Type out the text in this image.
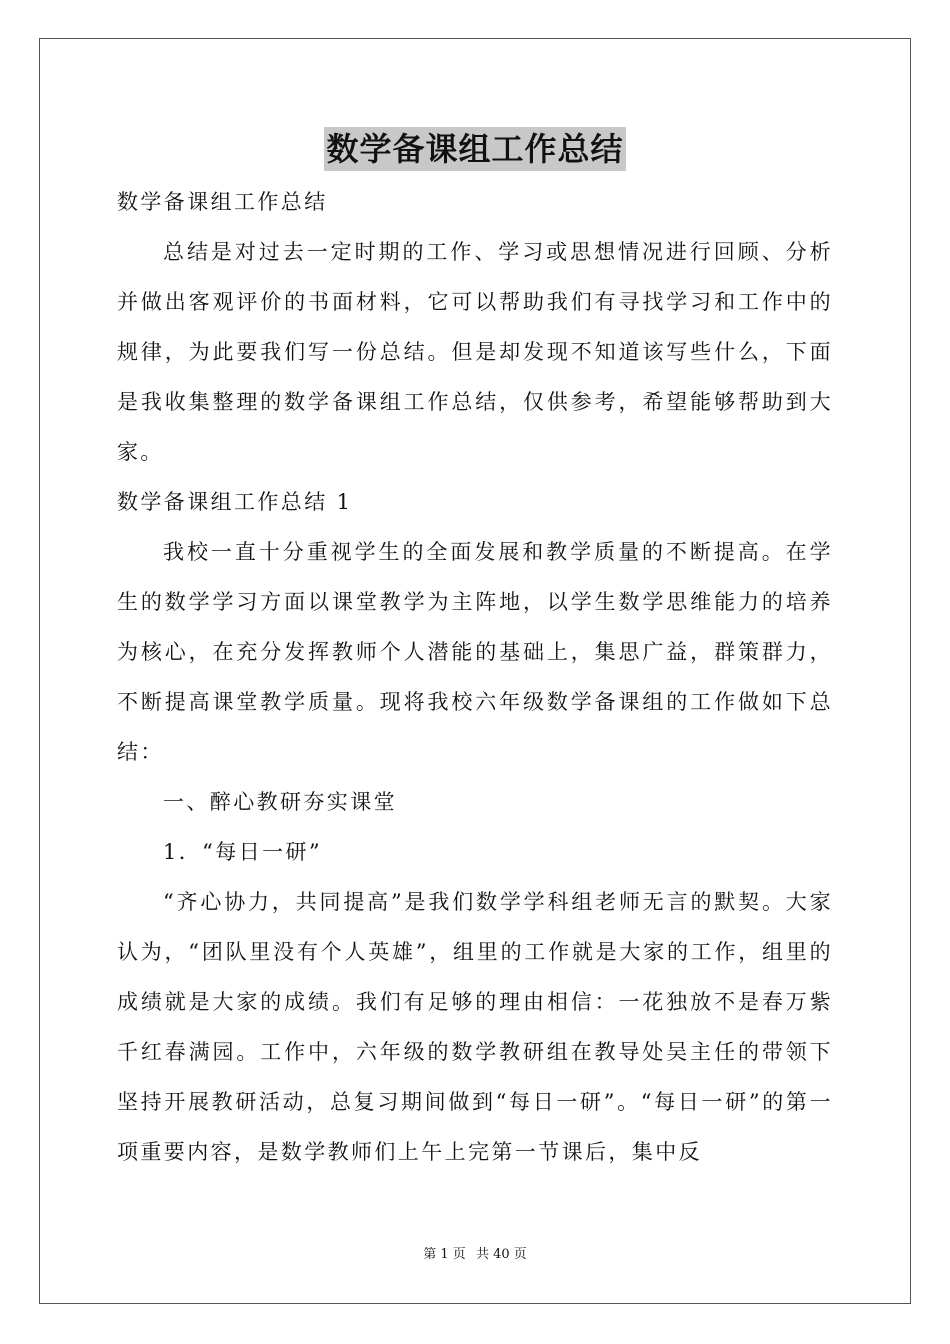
数学备课组工作总结

数学备课组工作总结

总结是对过去一定时期的工作、学习或思想情况进行回顾、分析并做出客观评价的书面材料，它可以帮助我们有寻找学习和工作中的规律，为此要我们写一份总结。但是却发现不知道该写些什么，下面是我收集整理的数学备课组工作总结，仅供参考，希望能够帮助到大家。

数学备课组工作总结 1

我校一直十分重视学生的全面发展和教学质量的不断提高。在学生的数学学习方面以课堂教学为主阵地，以学生数学思维能力的培养为核心，在充分发挥教师个人潜能的基础上，集思广益，群策群力，不断提高课堂教学质量。现将我校六年级数学备课组的工作做如下总结：

一、醉心教研夯实课堂

1．“每日一研”

“齐心协力，共同提高”是我们数学学科组老师无言的默契。大家认为，“团队里没有个人英雄”，组里的工作就是大家的工作，组里的成绩就是大家的成绩。我们有足够的理由相信：一花独放不是春万紫千红春满园。工作中，六年级的数学教研组在教导处吴主任的带领下坚持开展教研活动，总复习期间做到“每日一研”。“每日一研”的第一项重要内容，是数学教师们上午上完第一节课后，集中反

第 1 页 共 40 页
